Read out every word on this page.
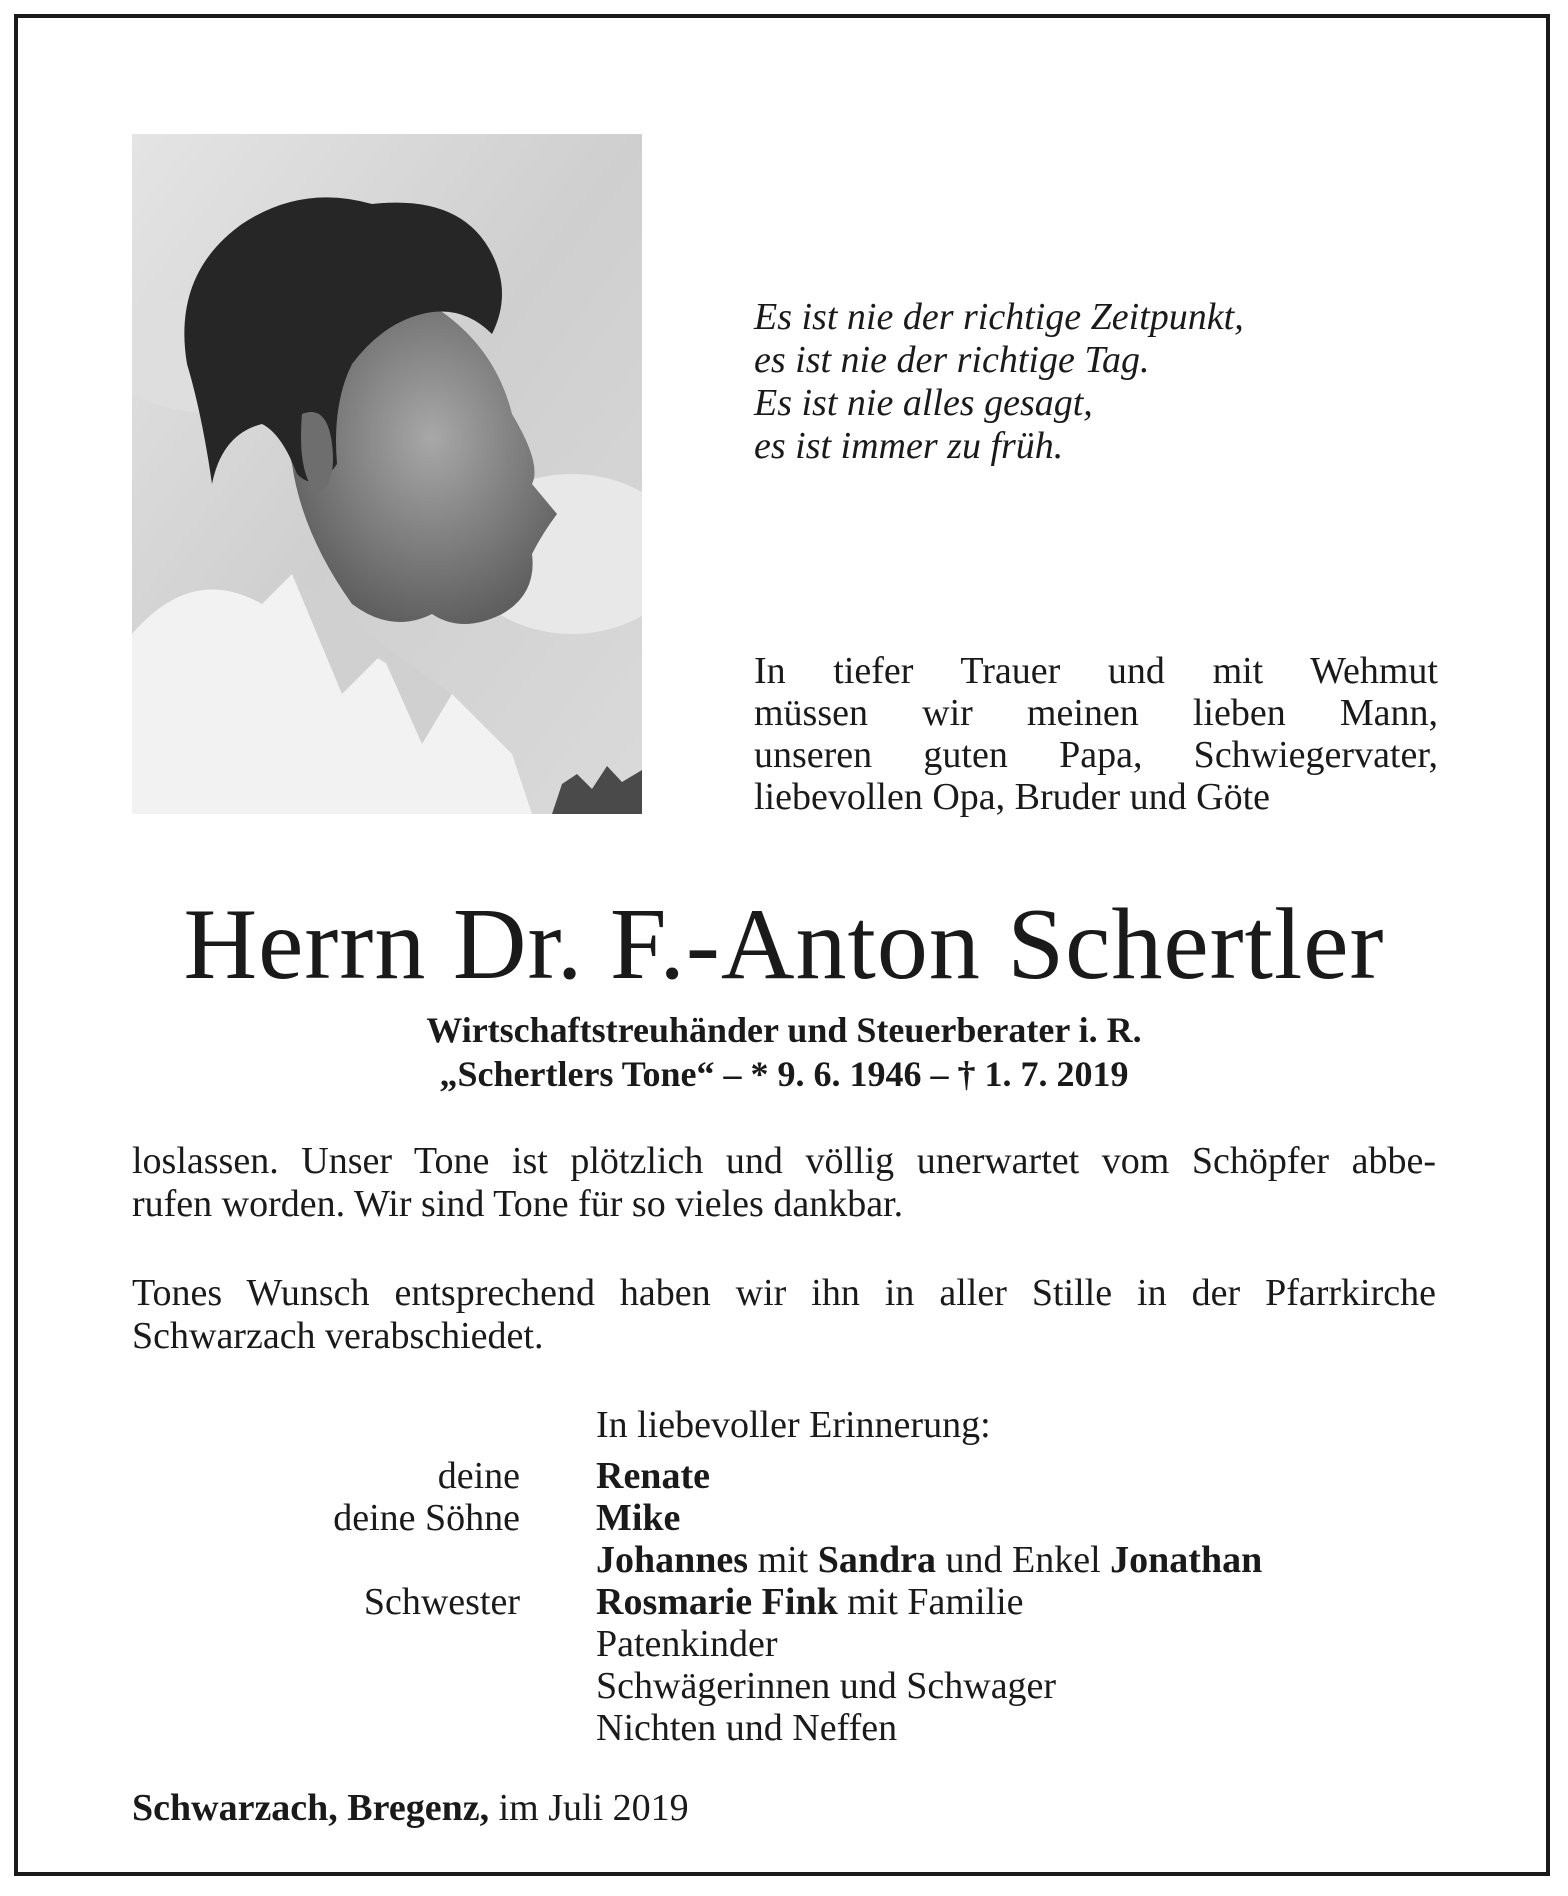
Es ist nie der richtige Zeitpunkt,
es ist nie der richtige Tag.
Es ist nie alles gesagt,
es ist immer zu früh.
In tiefer Trauer und mit Wehmut
müssen wir meinen lieben Mann,
unseren guten Papa, Schwiegervater,
liebevollen Opa, Bruder und Göte
Herrn Dr. F.-Anton Schertler
Wirtschaftstreuhänder und Steuerberater i. R.
„Schertlers Tone“ – * 9. 6. 1946 – † 1. 7. 2019
loslassen. Unser Tone ist plötzlich und völlig unerwartet vom Schöpfer abbe-
rufen worden. Wir sind Tone für so vieles dankbar.
Tones Wunsch entsprechend haben wir ihn in aller Stille in der Pfarrkirche
Schwarzach verabschiedet.
In liebevoller Erinnerung:
deine Renate
deine Söhne Mike
Johannes mit Sandra und Enkel Jonathan
Schwester Rosmarie Fink mit Familie
Patenkinder
Schwägerinnen und Schwager
Nichten und Neffen
Schwarzach, Bregenz, im Juli 2019
